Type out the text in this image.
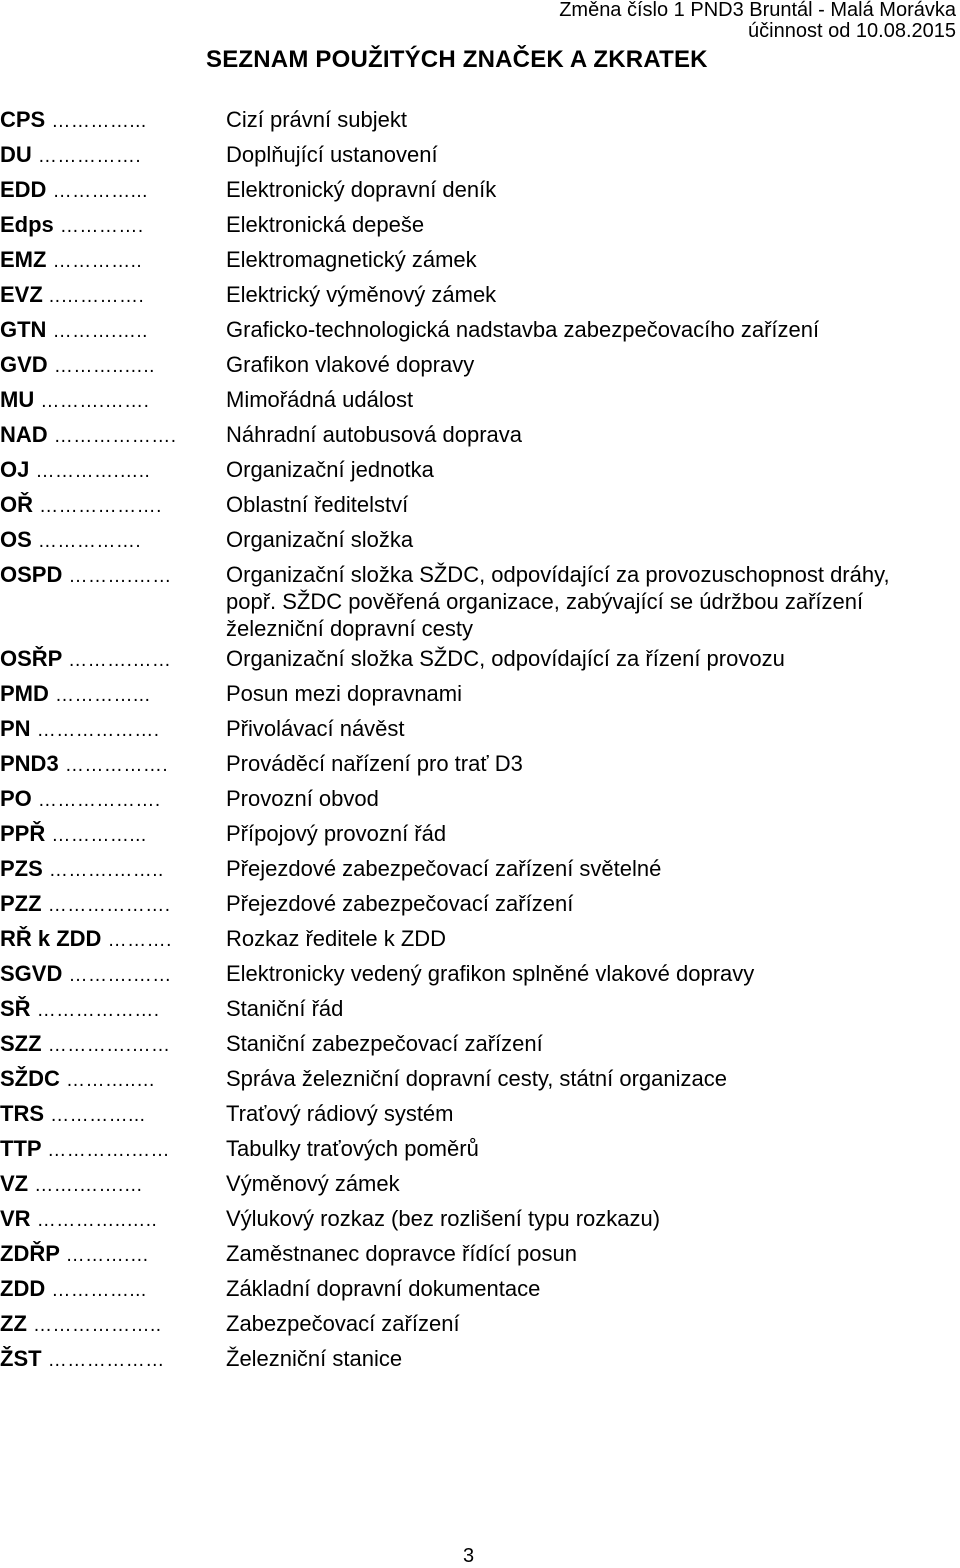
Změna číslo 1 PND3 Bruntál - Malá Morávka
účinnost od 10.08.2015
SEZNAM POUŽITÝCH ZNAČEK A ZKRATEK
CPS …………...	Cizí právní subjekt
DU …………….	Doplňující ustanovení
EDD …………...	Elektronický dopravní deník
Edps ………….	Elektronická depeše
EMZ …………..	Elektromagnetický zámek
EVZ ..………….	Elektrický výměnový zámek
GTN ……….…..	Graficko-technologická nadstavba zabezpečovacího zařízení
GVD ………..…..	Grafikon vlakové dopravy
MU ……….…….	Mimořádná událost
NAD ……………….	Náhradní autobusová doprava
OJ ………….…..	Organizační jednotka
OŘ ……………….	Oblastní ředitelství
OS …………….	Organizační složka
OSPD ……….……	Organizační složka SŽDC, odpovídající za provozuschopnost dráhy,
popř. SŽDC pověřená organizace, zabývající se údržbou zařízení
železniční dopravní cesty
OSŘP ……….……	Organizační složka SŽDC, odpovídající za řízení provozu
PMD …………...	Posun mezi dopravnami
PN ……………….	Přivolávací návěst
PND3 …………….	Prováděcí nařízení pro trať D3
PO ……………….	Provozní obvod
PPŘ …………...	Přípojový provozní řád
PZS ……….……..	Přejezdové zabezpečovací zařízení světelné
PZZ ……………….	Přejezdové zabezpečovací zařízení
RŘ k ZDD ……….	Rozkaz ředitele k ZDD
SGVD ……….……	Elektronicky vedený grafikon splněné vlakové dopravy
SŘ ……………….	Staniční řád
SZZ ………….……	Staniční zabezpečovací zařízení
SŽDC ………..…	Správa železniční dopravní cesty, státní organizace
TRS …………...	Traťový rádiový systém
TTP ………….……	Tabulky traťových poměrů
VZ …….…….…	Výměnový zámek
VR …………..…..	Výlukový rozkaz (bez rozlišení typu rozkazu)
ZDŘP ……….…	Zaměstnanec dopravce řídící posun
ZDD …………...	Základní dopravní dokumentace
ZZ ………………..	Zabezpečovací zařízení
ŽST ………………	Železniční stanice
3
